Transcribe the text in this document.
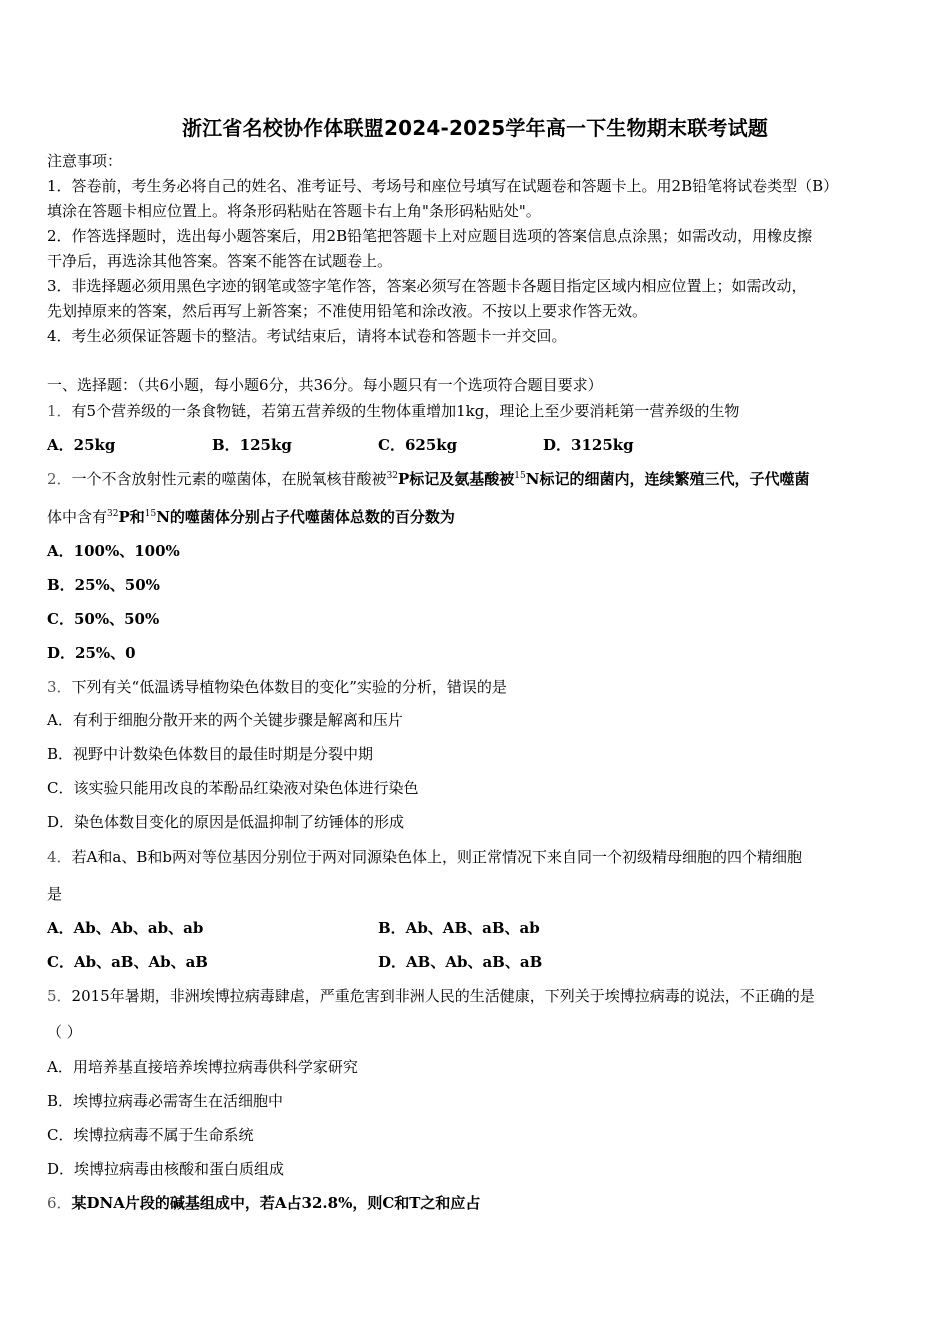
浙江省名校协作体联盟2024-2025学年高一下生物期末联考试题
注意事项：
1．答卷前，考生务必将自己的姓名、准考证号、考场号和座位号填写在试题卷和答题卡上。用2B铅笔将试卷类型（B）
填涂在答题卡相应位置上。将条形码粘贴在答题卡右上角"条形码粘贴处"。
2．作答选择题时，选出每小题答案后，用2B铅笔把答题卡上对应题目选项的答案信息点涂黑；如需改动，用橡皮擦
干净后，再选涂其他答案。答案不能答在试题卷上。
3．非选择题必须用黑色字迹的钢笔或签字笔作答，答案必须写在答题卡各题目指定区域内相应位置上；如需改动，
先划掉原来的答案，然后再写上新答案；不准使用铅笔和涂改液。不按以上要求作答无效。
4．考生必须保证答题卡的整洁。考试结束后，请将本试卷和答题卡一并交回。
一、选择题：（共6小题，每小题6分，共36分。每小题只有一个选项符合题目要求）
1．有5个营养级的一条食物链，若第五营养级的生物体重增加1kg，理论上至少要消耗第一营养级的生物
A．25kg	B．125kg	C．625kg	D．3125kg
2．一个不含放射性元素的噬菌体，在脱氧核苷酸被$^{32}$P标记及氨基酸被$^{15}$N标记的细菌内，连续繁殖三代，子代噬菌
体中含有$^{32}$P和$^{15}$N的噬菌体分别占子代噬菌体总数的百分数为
A．100%、100%
B．25%、50%
C．50%、50%
D．25%、0
3．下列有关“低温诱导植物染色体数目的变化”实验的分析，错误的是
A．有利于细胞分散开来的两个关键步骤是解离和压片
B．视野中计数染色体数目的最佳时期是分裂中期
C．该实验只能用改良的苯酚品红染液对染色体进行染色
D．染色体数目变化的原因是低温抑制了纺锤体的形成
4．若A和a、B和b两对等位基因分别位于两对同源染色体上，则正常情况下来自同一个初级精母细胞的四个精细胞
是
A．Ab、Ab、ab、ab	B．Ab、AB、aB、ab
C．Ab、aB、Ab、aB	D．AB、Ab、aB、aB
5．2015年暑期，非洲埃博拉病毒肆虐，严重危害到非洲人民的生活健康，下列关于埃博拉病毒的说法，不正确的是
（ ）
A．用培养基直接培养埃博拉病毒供科学家研究
B．埃博拉病毒必需寄生在活细胞中
C．埃博拉病毒不属于生命系统
D．埃博拉病毒由核酸和蛋白质组成
6．某DNA片段的碱基组成中，若A占32.8%，则C和T之和应占
